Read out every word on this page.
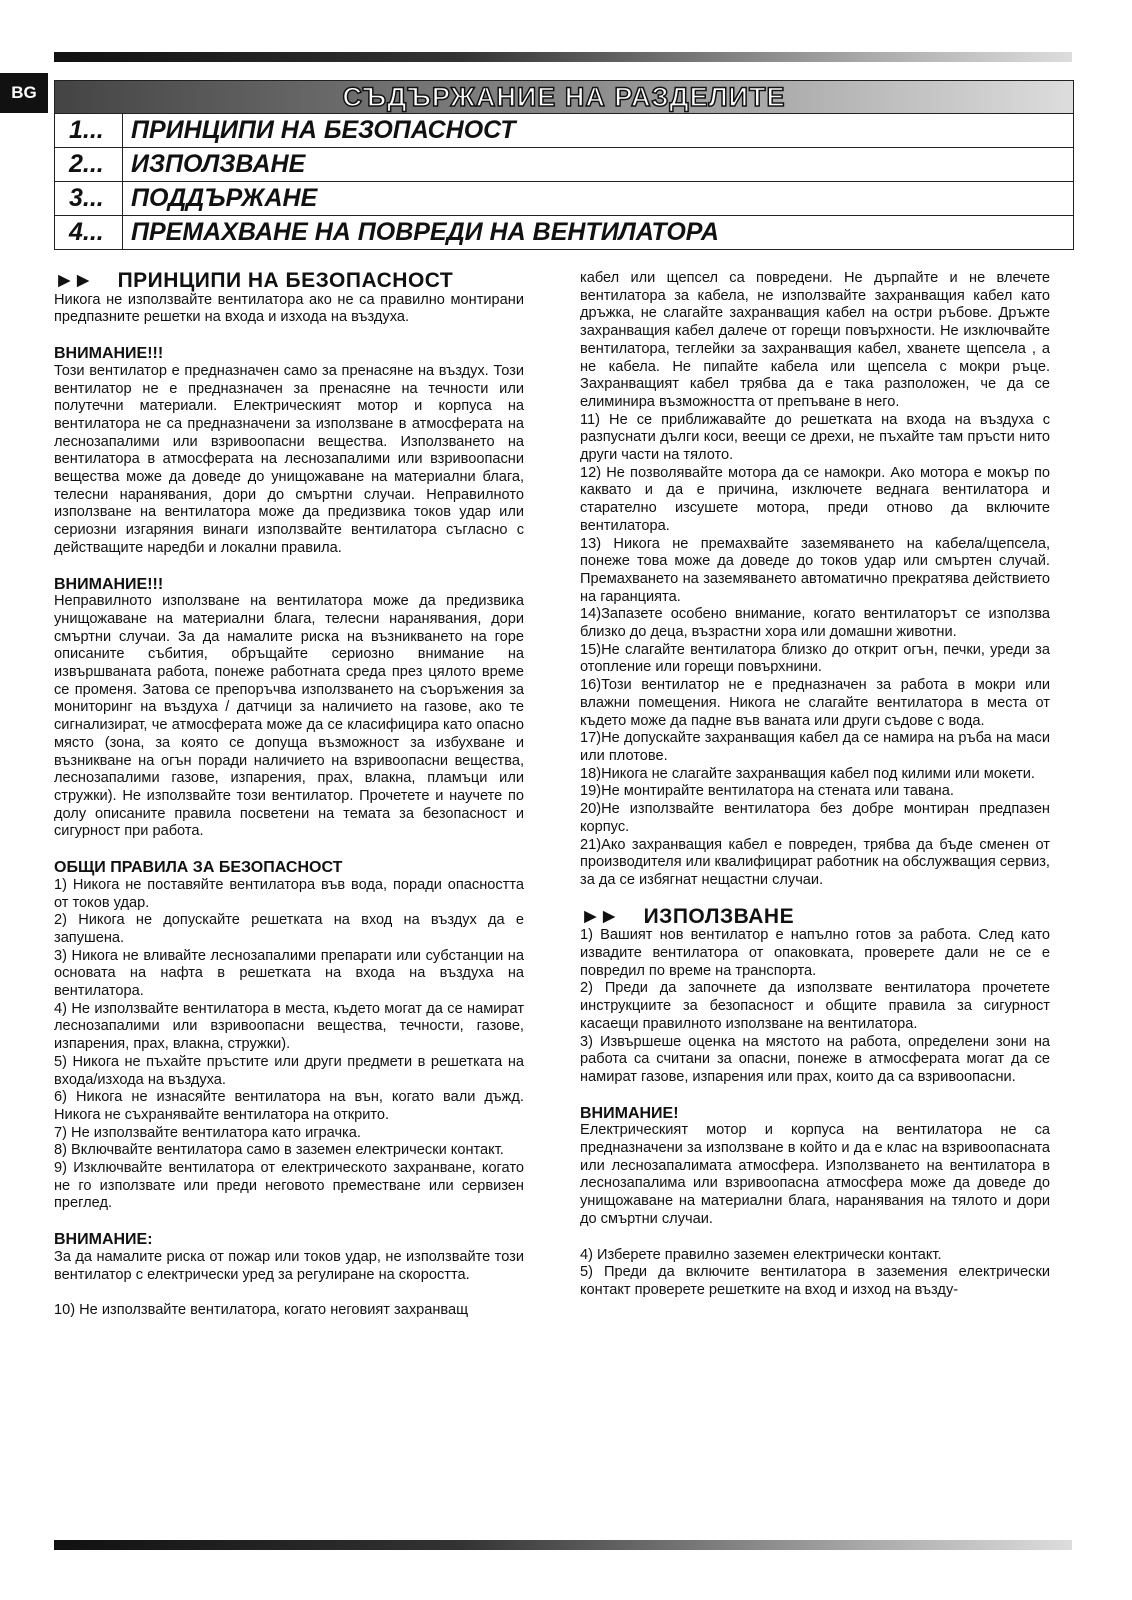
BG	СЪДЪРЖАНИЕ НА РАЗДЕЛИТЕ
1...	ПРИНЦИПИ НА БЕЗОПАСНОСТ
2...	ИЗПОЛЗВАНЕ
3...	ПОДДЪРЖАНЕ
4...	ПРЕМАХВАНЕ НА ПОВРЕДИ НА ВЕНТИЛАТОРА
►► ПРИНЦИПИ НА БЕЗОПАСНОСТ

Никога не използвайте вентилатора ако не са правилно монтирани предпазните решетки на входа и изхода на въздуха.

ВНИМАНИЕ!!!

Този вентилатор е предназначен само за пренасяне на въздух. Този вентилатор не е предназначен за пренасяне на течности или полутечни материали. Електрическият мотор и корпуса на вентилатора не са предназначени за използване в атмосферата на леснозапалими или взривоопасни вещества. Използването на вентилатора в атмосферата на леснозапалими или взривоопасни вещества може да доведе до унищожаване на материални блага, телесни наранявания, дори до смъртни случаи. Неправилното използване на вентилатора може да предизвика токов удар или сериозни изгаряния винаги използвайте вентилатора съгласно с действащите наредби и локални правила.

ВНИМАНИЕ!!!

Неправилното използване на вентилатора може да предизвика унищожаване на материални блага, телесни наранявания, дори смъртни случаи. За да намалите риска на възникването на горе описаните събития, обръщайте сериозно внимание на извършваната работа, понеже работната среда през цялото време се променя. Затова се препоръчва използването на съоръжения за мониторинг на въздуха / датчици за наличието на газове, ако те сигнализират, че атмосферата може да се класифицира като опасно място (зона, за която се допуща възможност за избухване и възникване на огън поради наличието на взривоопасни вещества, леснозапалими газове, изпарения, прах, влакна, пламъци или стружки). Не използвайте този вентилатор. Прочетете и научете по долу описаните правила посветени на темата за безопасност и сигурност при работа.

ОБЩИ ПРАВИЛА ЗА БЕЗОПАСНОСТ

1) Никога не поставяйте вентилатора във вода, поради опасността от токов удар.

2) Никога не допускайте решетката на вход на въздух да е запушена.

3) Никога не вливайте леснозапалими препарати или субстанции на основата на нафта в решетката на входа на въздуха на вентилатора.

4) Не използвайте вентилатора в места, където могат да се намират леснозапалими или взривоопасни вещества, течности, газове, изпарения, прах, влакна, стружки).

5) Никога не пъхайте пръстите или други предмети в решетката на входа/изхода на въздуха.

6) Никога не изнасяйте вентилатора на вън, когато вали дъжд. Никога не съхранявайте вентилатора на открито.

7) Не използвайте вентилатора като играчка.

8) Включвайте вентилатора само в заземен електрически контакт.

9) Изключвайте вентилатора от електрическото захранване, когато не го използвате или преди неговото преместване или сервизен преглед.

ВНИМАНИЕ:

За да намалите риска от пожар или токов удар, не използвайте този вентилатор с електрически уред за регулиране на скоростта.

10) Не използвайте вентилатора, когато неговият захранващ

кабел или щепсел са повредени. Не дърпайте и не влечете вентилатора за кабела, не използвайте захранващия кабел като дръжка, не слагайте захранващия кабел на остри ръбове. Дръжте захранващия кабел далече от горещи повърхности. Не изключвайте вентилатора, теглейки за захранващия кабел, хванете щепсела , а не кабела. Не пипайте кабела или щепсела с мокри ръце. Захранващият кабел трябва да е така разположен, че да се елиминира възможността от препъване в него.

11) Не се приближавайте до решетката на входа на въздуха с разпуснати дълги коси, веещи се дрехи, не пъхайте там пръсти нито други части на тялото.

12) Не позволявайте мотора да се намокри. Ако мотора е мокър по каквато и да е причина, изключете веднага вентилатора и старателно изсушете мотора, преди отново да включите вентилатора.

13) Никога не премахвайте заземяването на кабела/щепсела, понеже това може да доведе до токов удар или смъртен случай. Премахването на заземяването автоматично прекратява действието на гаранцията.

14)Запазете особено внимание, когато вентилаторът се използва близко до деца, възрастни хора или домашни животни.

15)Не слагайте вентилатора близко до открит огън, печки, уреди за отопление или горещи повърхнини.

16)Този вентилатор не е предназначен за работа в мокри или влажни помещения. Никога не слагайте вентилатора в места от където може да падне във ваната или други съдове с вода.

17)Не допускайте захранващия кабел да се намира на ръба на маси или плотове.

18)Никога не слагайте захранващия кабел под килими или мокети.

19)Не монтирайте вентилатора на стената или тавана.

20)Не използвайте вентилатора без добре монтиран предпазен корпус.

21)Ако захранващия кабел е повреден, трябва да бъде сменен от производителя или квалифицират работник на обслужващия сервиз, за да се избягнат нещастни случаи.

►► ИЗПОЛЗВАНЕ

1) Вашият нов вентилатор е напълно готов за работа. След като извадите вентилатора от опаковката, проверете дали не се е повредил по време на транспорта.

2) Преди да започнете да използвате вентилатора прочетете инструкциите за безопасност и общите правила за сигурност касаещи правилното използване на вентилатора.

3) Извършеше оценка на мястото на работа, определени зони на работа са считани за опасни, понеже в атмосферата могат да се намират газове, изпарения или прах, които да са взривоопасни.

ВНИМАНИЕ!

Електрическият мотор и корпуса на вентилатора не са предназначени за използване в който и да е клас на взривоопасната или леснозапалимата атмосфера. Използването на вентилатора в леснозапалима или взривоопасна атмосфера може да доведе до унищожаване на материални блага, наранявания на тялото и дори до смъртни случаи.

4) Изберете правилно заземен електрически контакт.

5) Преди да включите вентилатора в заземения електрически контакт проверете решетките на вход и изход на възду-
